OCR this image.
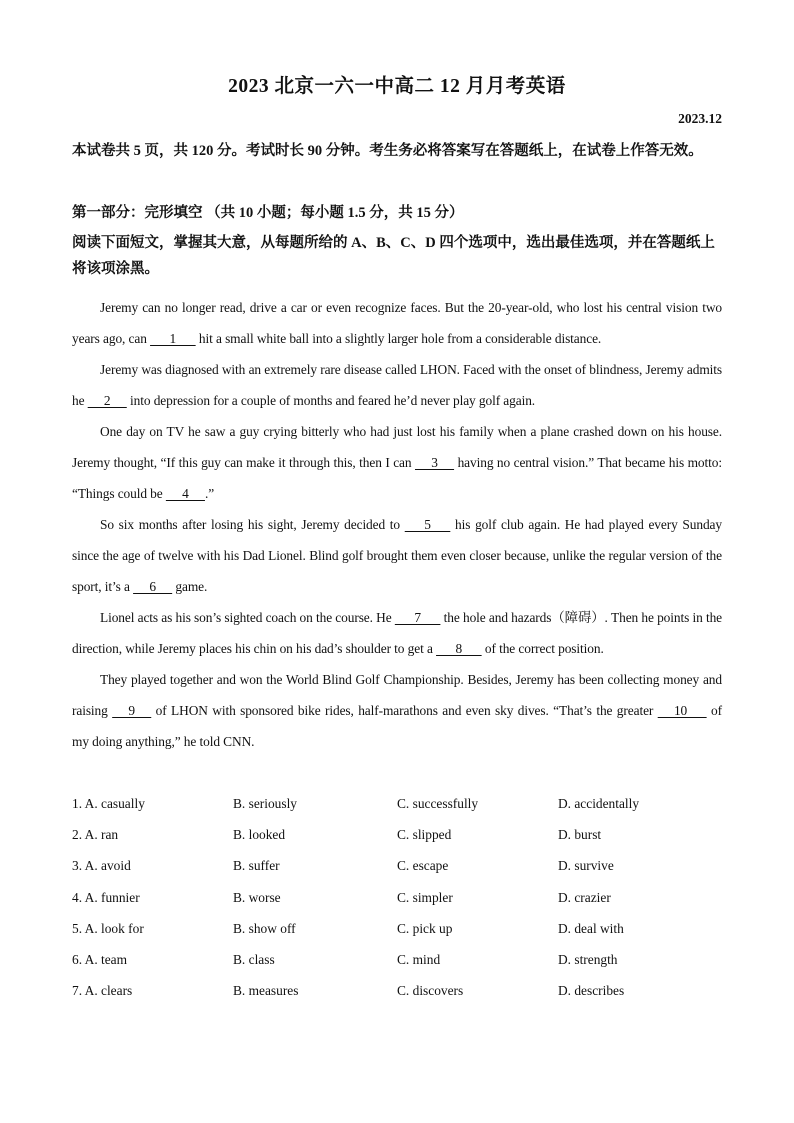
2023 北京一六一中高二 12 月月考英语
2023.12

本试卷共 5 页，共 120 分。考试时长 90 分钟。考生务必将答案写在答题纸上，在试卷上作答无效。

第一部分：完形填空 （共 10 小题；每小题 1.5 分，共 15 分）

阅读下面短文，掌握其大意，从每题所给的 A、B、C、D 四个选项中，选出最佳选项，并在答题纸上将该项涂黑。

Jeremy can no longer read, drive a car or even recognize faces. But the 20-year-old, who lost his central vision two years ago, can       1       hit a small white ball into a slightly larger hole from a considerable distance.

Jeremy was diagnosed with an extremely rare disease called LHON. Faced with the onset of blindness, Jeremy admits he      2      into depression for a couple of months and feared he’d never play golf again.

One day on TV he saw a guy crying bitterly who had just lost his family when a plane crashed down on his house. Jeremy thought, “If this guy can make it through this, then I can      3      having no central vision.” That became his motto: “Things could be      4     .”

So six months after losing his sight, Jeremy decided to       5       his golf club again. He had played every Sunday since the age of twelve with his Dad Lionel. Blind golf brought them even closer because, unlike the regular version of the sport, it’s a      6      game.

Lionel acts as his son’s sighted coach on the course. He       7       the hole and hazards（障碍）. Then he points in the direction, while Jeremy places his chin on his dad’s shoulder to get a       8       of the correct position.

They played together and won the World Blind Golf Championship. Besides, Jeremy has been collecting money and raising      9      of LHON with sponsored bike rides, half-marathons and even sky dives. “That’s the greater      10       of my doing anything,” he told CNN.

1. A. casually	B. seriously	C. successfully	D. accidentally
2. A. ran	B. looked	C. slipped	D. burst
3. A. avoid	B. suffer	C. escape	D. survive
4. A. funnier	B. worse	C. simpler	D. crazier
5. A. look for	B. show off	C. pick up	D. deal with
6. A. team	B. class	C. mind	D. strength
7. A. clears	B. measures	C. discovers	D. describes
